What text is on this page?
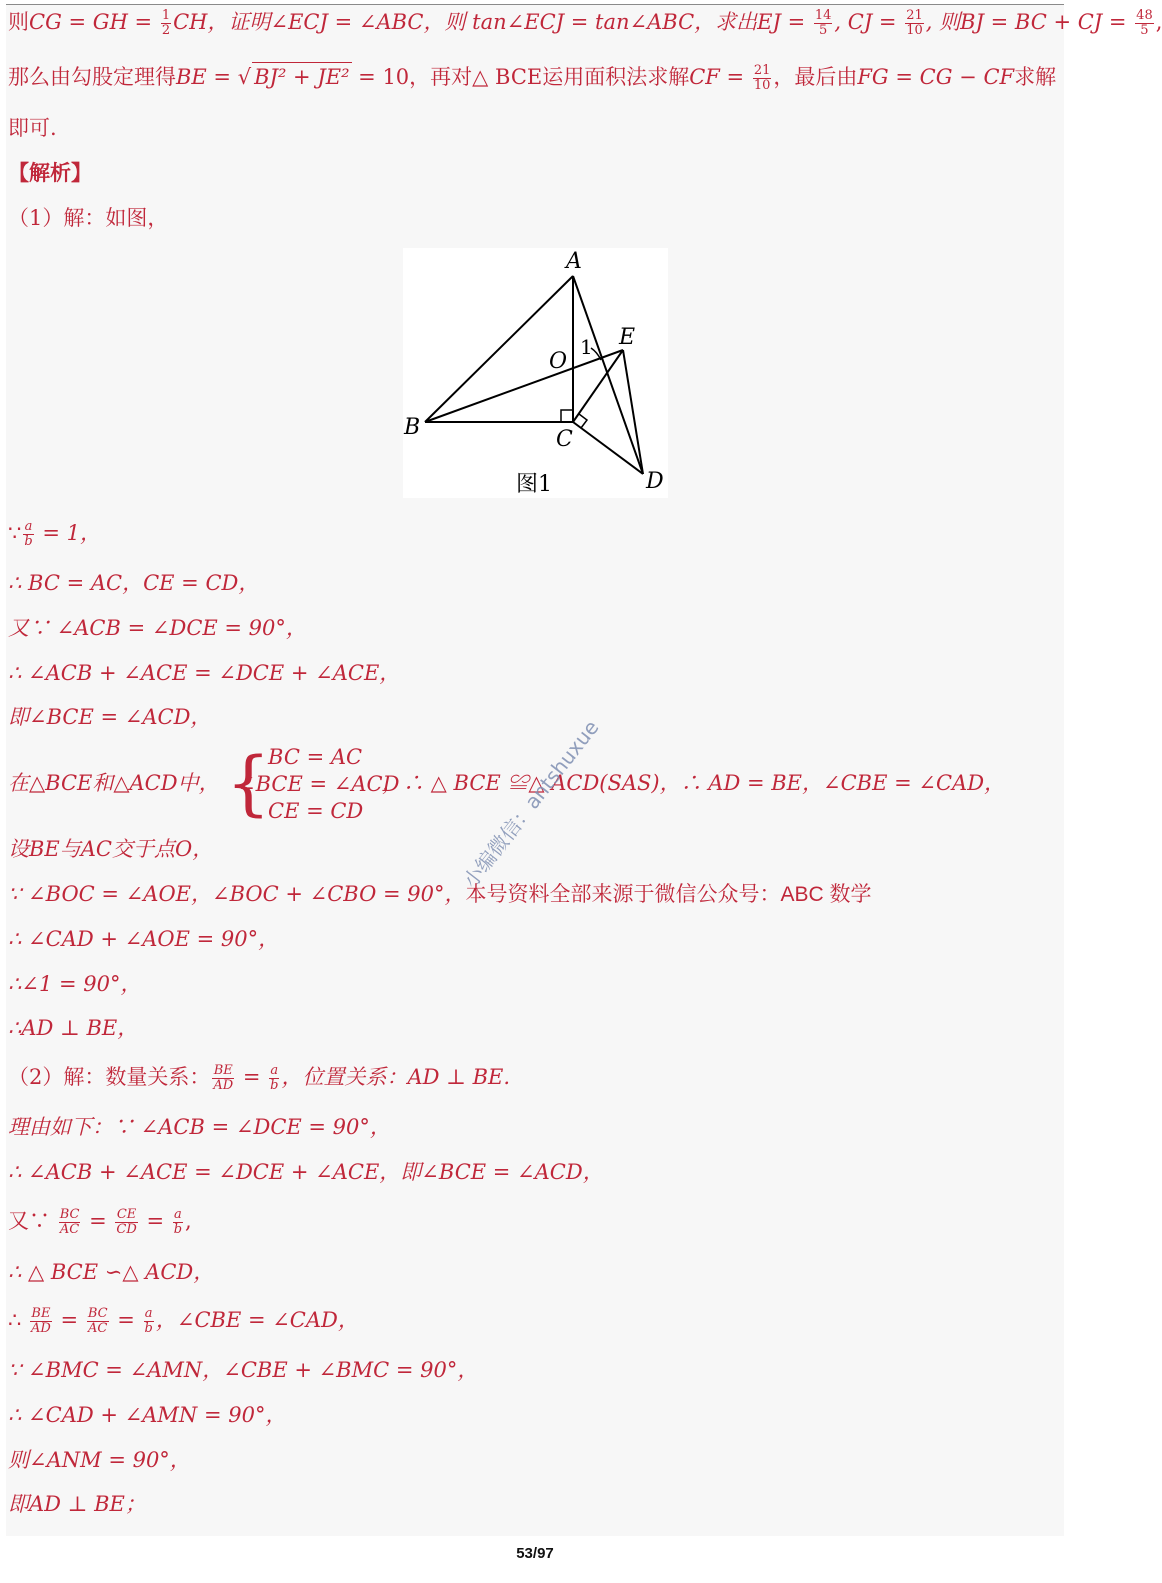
则CG = GH = $\frac{1}{2}$ CH，证明∠ECJ = ∠ABC，则 tan∠ECJ = tan∠ABC，求出EJ = $\frac{14}{5}$ , CJ = $\frac{21}{10}$ , 则BJ = BC + CJ = $\frac{48}{5}$ ,
那么由勾股定理得BE = √ BJ² + JE² = 10，再对△ BCE运用面积法求解CF = $\frac{21}{10}$ ，最后由FG = CG − CF求解
即可.
【解析】
（1）解：如图，
A
B	C
D
E
O
1
图1
∵ $\frac{a}{b} = 1$，
∴ BC = AC，CE = CD，
又∵ ∠ACB = ∠DCE = 90°，
∴ ∠ACB + ∠ACE = ∠DCE + ∠ACE，
即∠BCE = ∠ACD，
在△BCE和△ACD中， {
BC = AC
∠BCE = ∠ACD
CE = CD
，∴ △ BCE ≌△ ACD(SAS)，∴ AD = BE，∠CBE = ∠CAD，
设BE与AC交于点O，
∵ ∠BOC = ∠AOE，∠BOC + ∠CBO = 90°，本号资料全部来源于微信公众号：ABC 数学
∴ ∠CAD + ∠AOE = 90°，
∴∠1 = 90°，
∴AD ⊥ BE，
（2）解：数量关系： $\frac{BE}{AD} = \frac{a}{b}$ ，位置关系：AD ⊥ BE.
理由如下：∵ ∠ACB = ∠DCE = 90°，
∴ ∠ACB + ∠ACE = ∠DCE + ∠ACE，即∠BCE = ∠ACD，
又∵ $\frac{BC}{AC} = \frac{CE}{CD} = \frac{a}{b}$ ,
∴ △ BCE ∽△ ACD，
∴ $\frac{BE}{AD} = \frac{BC}{AC} = \frac{a}{b}$ ，∠CBE = ∠CAD，
∵ ∠BMC = ∠AMN，∠CBE + ∠BMC = 90°，
∴ ∠CAD + ∠AMN = 90°，
则∠ANM = 90°，
即AD ⊥ BE；
小编微信：antshuxue
53/97
